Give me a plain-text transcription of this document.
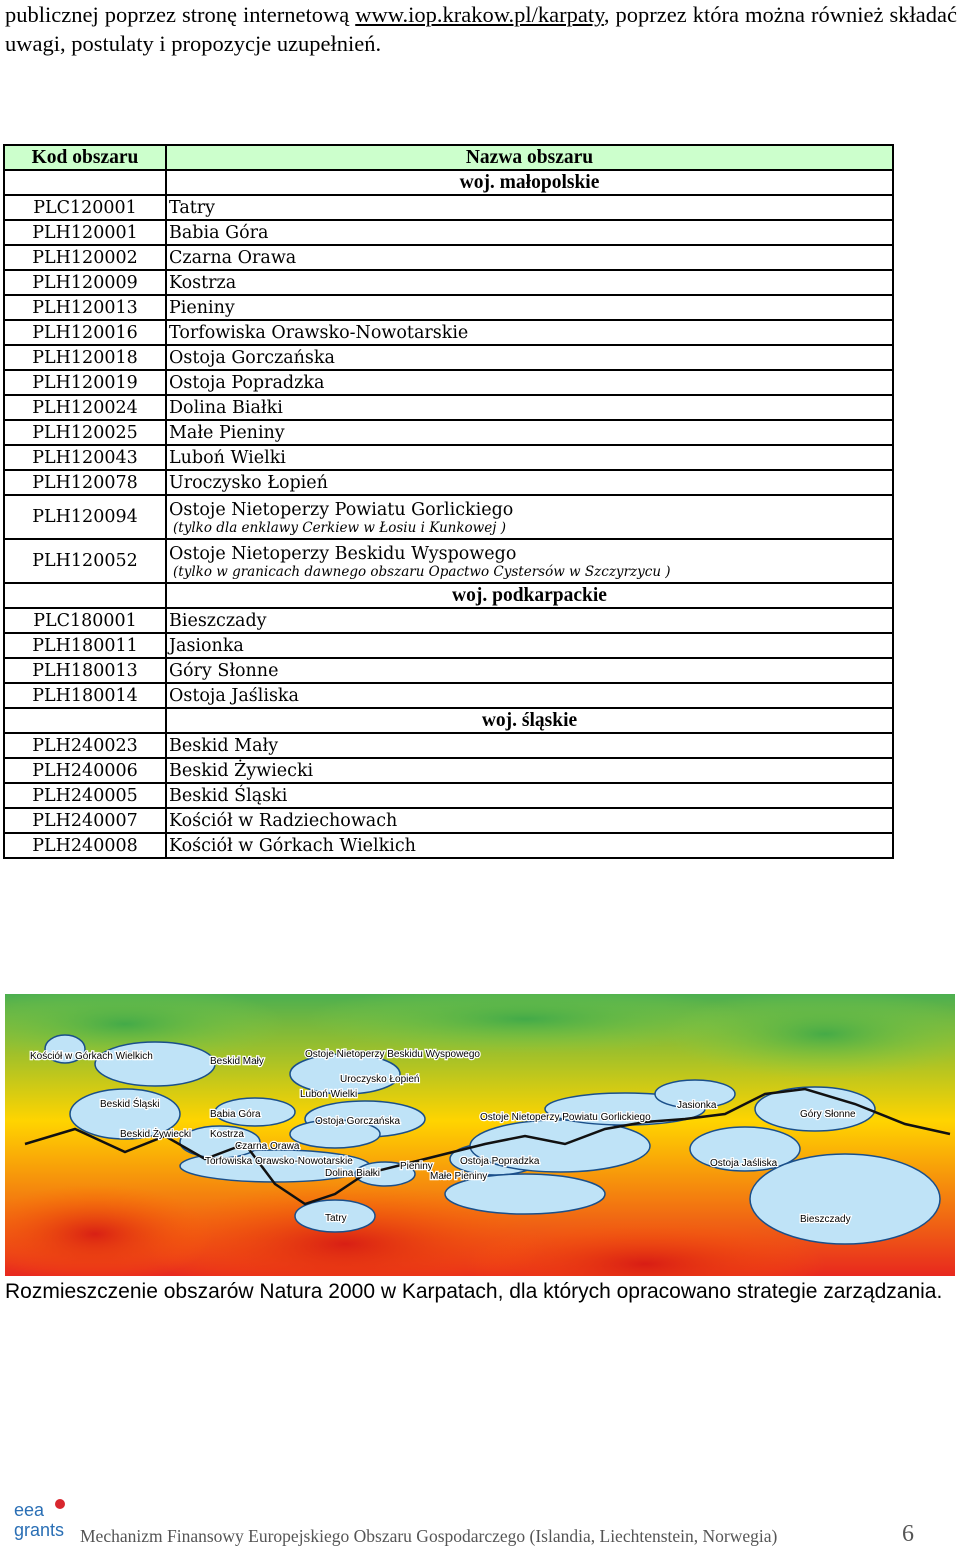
publicznej poprzez stronę internetową www.iop.krakow.pl/karpaty, poprzez która można również składać uwagi, postulaty i propozycje uzupełnień.

Kod obszaru	Nazwa obszaru
	woj. małopolskie
PLC120001	Tatry
PLH120001	Babia Góra
PLH120002	Czarna Orawa
PLH120009	Kostrza
PLH120013	Pieniny
PLH120016	Torfowiska Orawsko-Nowotarskie
PLH120018	Ostoja Gorczańska
PLH120019	Ostoja Popradzka
PLH120024	Dolina Białki
PLH120025	Małe Pieniny
PLH120043	Luboń Wielki
PLH120078	Uroczysko Łopień
PLH120094	Ostoje Nietoperzy Powiatu Gorlickiego
(tylko dla enklawy Cerkiew w Łosiu i Kunkowej )

PLH120052	Ostoje Nietoperzy Beskidu Wyspowego
(tylko w granicach dawnego obszaru Opactwo Cystersów w Szczyrzycu )

	woj. podkarpackie
PLC180001	Bieszczady
PLH180011	Jasionka
PLH180013	Góry Słonne
PLH180014	Ostoja Jaśliska
	woj. śląskie
PLH240023	Beskid Mały
PLH240006	Beskid Żywiecki
PLH240005	Beskid Śląski
PLH240007	Kościół w Radziechowach
PLH240008	Kościół w Górkach Wielkich
Kościół w Górkach Wielkich	Beskid Mały
Ostoje Nietoperzy Beskidu Wyspowego
Uroczysko Łopień
Luboń Wielki
Beskid Śląski
Babia Góra
Ostoja Gorczańska	Ostoje Nietoperzy Powiatu Gorlickiego
Jasionka
Góry Słonne
Beskid Żywiecki Kostrza
Czarna Orawa
Torfowiska Orawsko-Nowotarskie	Pieniny	Ostoja Popradzka	Ostoja Jaśliska
Dolina Białki	Małe Pieniny
Tatry	Bieszczady
Rozmieszczenie obszarów Natura 2000 w Karpatach, dla których opracowano strategie zarządzania.
eea
grants Mechanizm Finansowy Europejskiego Obszaru Gospodarczego (Islandia, Liechtenstein, Norwegia)	6
